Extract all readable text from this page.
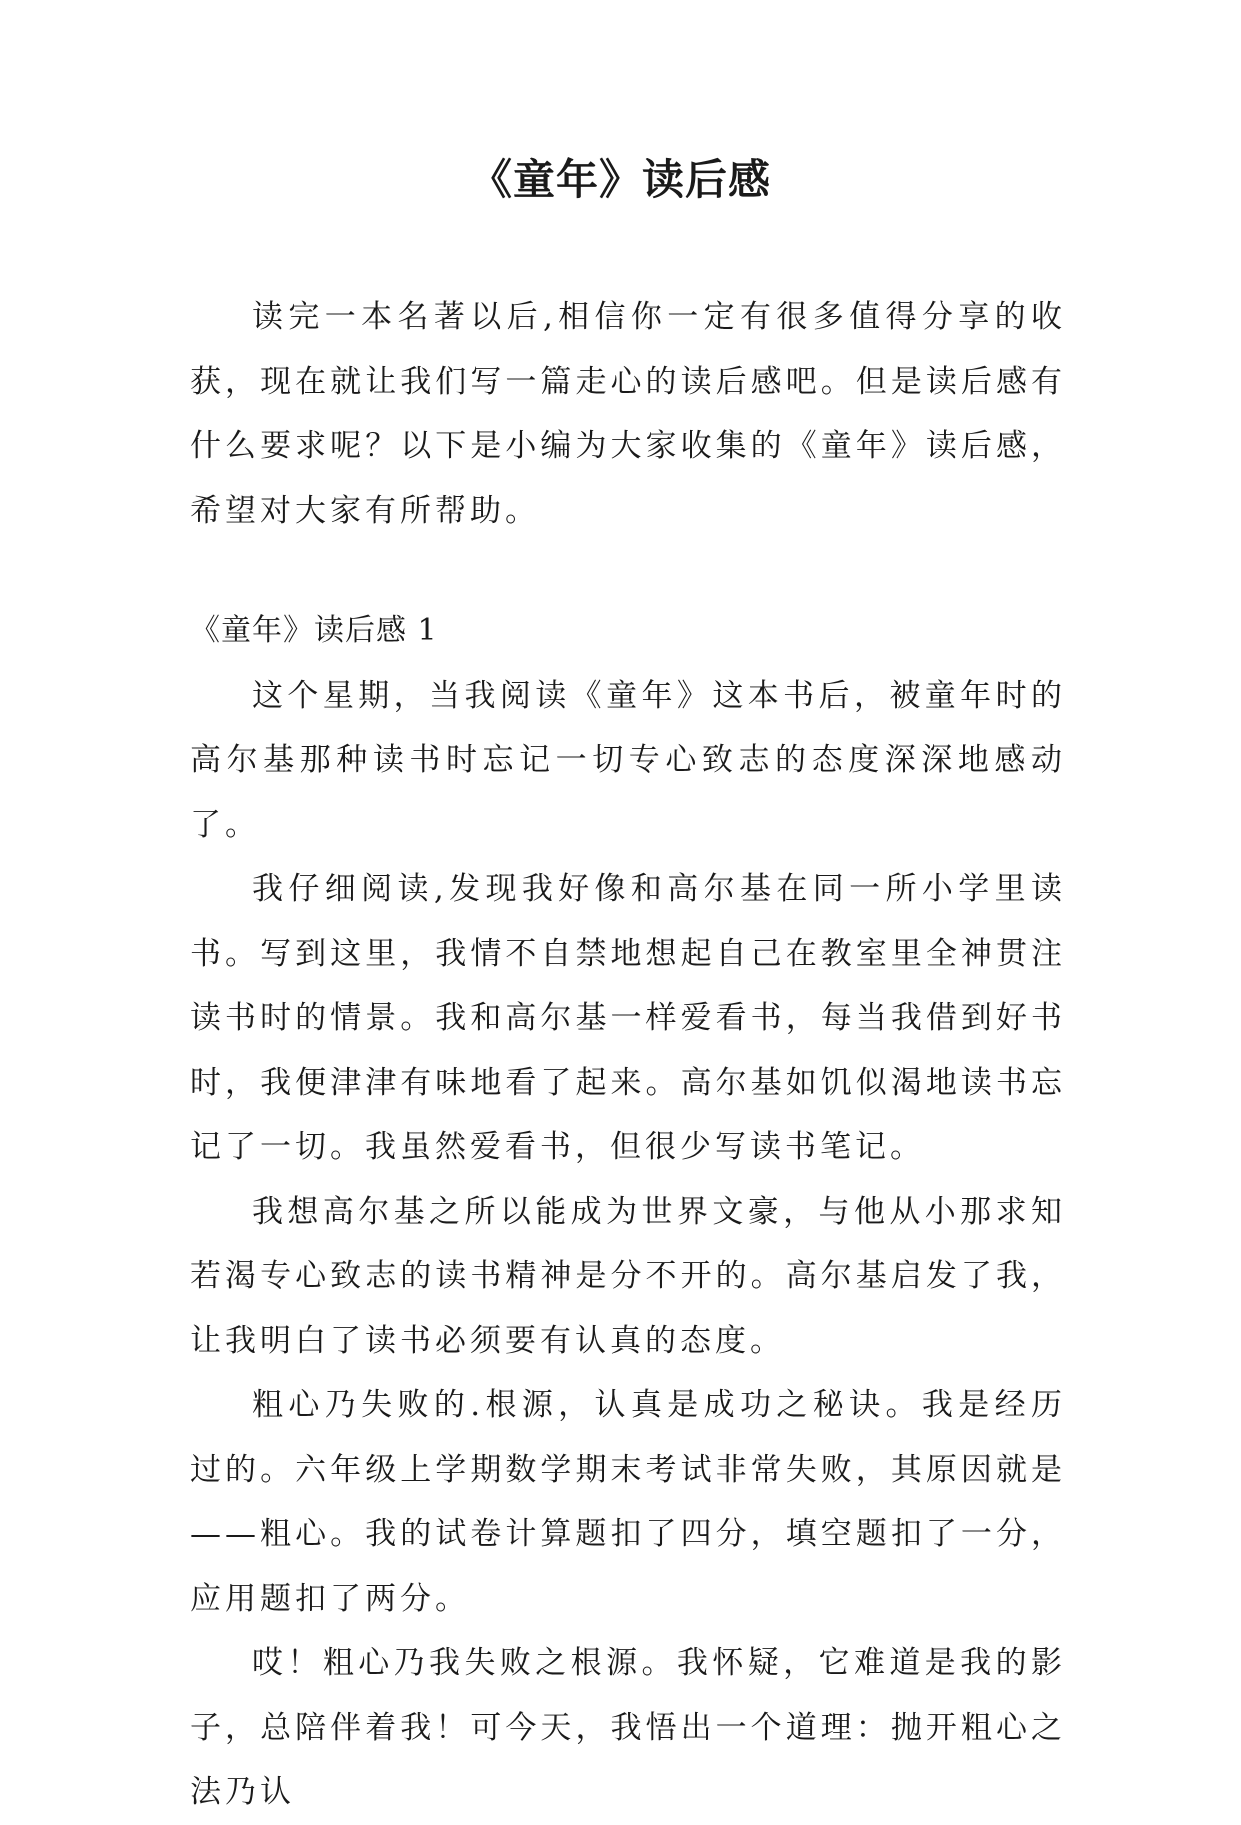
《童年》读后感

读完一本名著以后,相信你一定有很多值得分享的收获，现在就让我们写一篇走心的读后感吧。但是读后感有什么要求呢？以下是小编为大家收集的《童年》读后感，希望对大家有所帮助。

《童年》读后感 1

这个星期，当我阅读《童年》这本书后，被童年时的高尔基那种读书时忘记一切专心致志的态度深深地感动了。

我仔细阅读,发现我好像和高尔基在同一所小学里读书。写到这里，我情不自禁地想起自己在教室里全神贯注读书时的情景。我和高尔基一样爱看书，每当我借到好书时，我便津津有味地看了起来。高尔基如饥似渴地读书忘记了一切。我虽然爱看书，但很少写读书笔记。

我想高尔基之所以能成为世界文豪，与他从小那求知若渴专心致志的读书精神是分不开的。高尔基启发了我，让我明白了读书必须要有认真的态度。

粗心乃失败的.根源，认真是成功之秘诀。我是经历过的。六年级上学期数学期末考试非常失败，其原因就是——粗心。我的试卷计算题扣了四分，填空题扣了一分，应用题扣了两分。

哎！粗心乃我失败之根源。我怀疑，它难道是我的影子，总陪伴着我！可今天，我悟出一个道理：抛开粗心之法乃认
